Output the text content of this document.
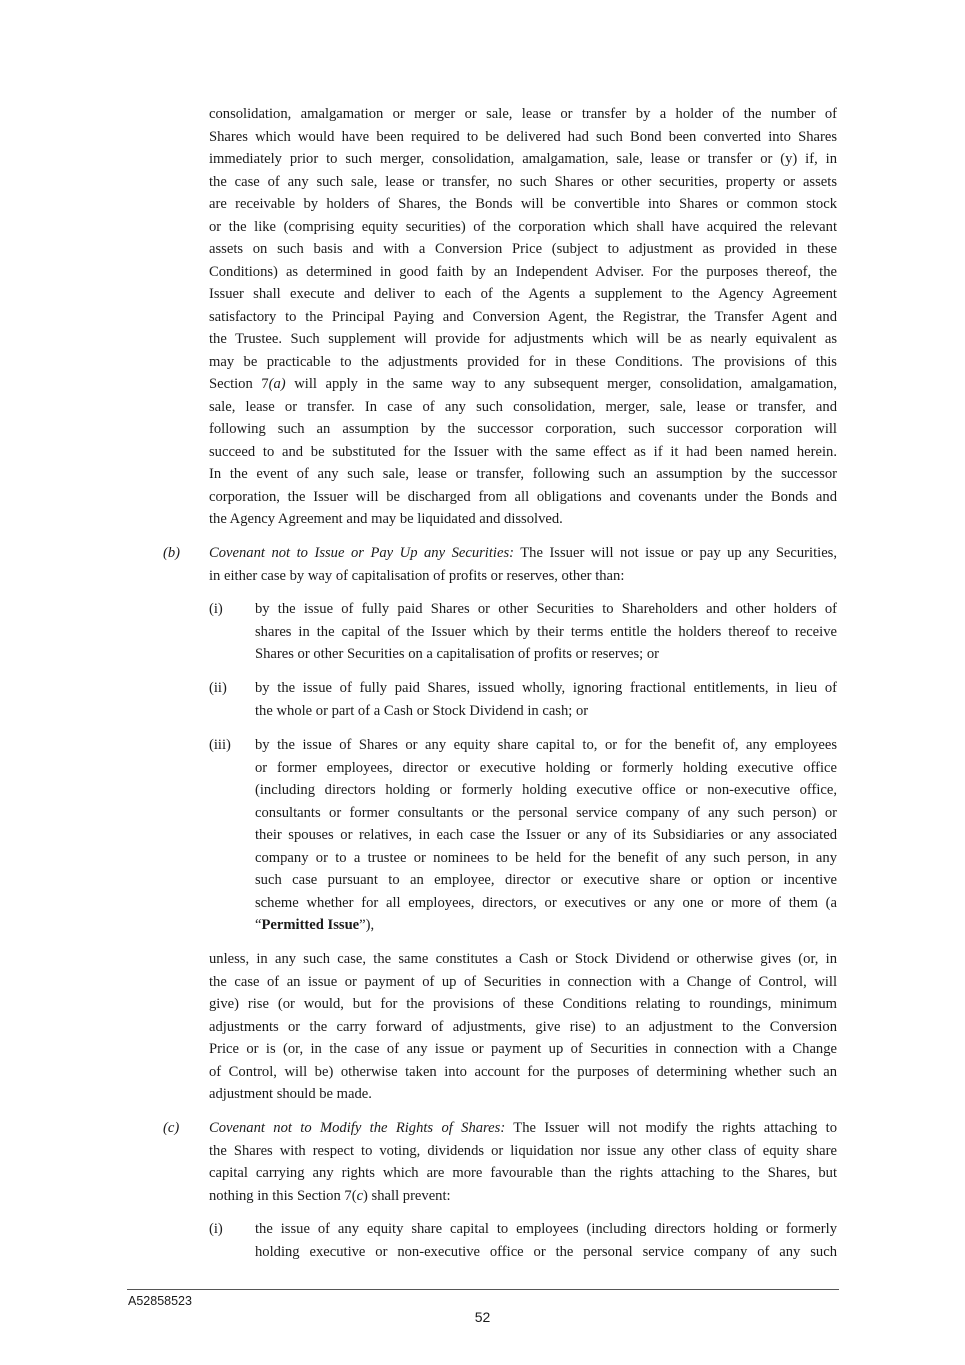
consolidation, amalgamation or merger or sale, lease or transfer by a holder of the number of
Shares which would have been required to be delivered had such Bond been converted into Shares
immediately prior to such merger, consolidation, amalgamation, sale, lease or transfer or (y) if, in
the case of any such sale, lease or transfer, no such Shares or other securities, property or assets
are receivable by holders of Shares, the Bonds will be convertible into Shares or common stock
or the like (comprising equity securities) of the corporation which shall have acquired the relevant
assets on such basis and with a Conversion Price (subject to adjustment as provided in these
Conditions) as determined in good faith by an Independent Adviser. For the purposes thereof, the
Issuer shall execute and deliver to each of the Agents a supplement to the Agency Agreement
satisfactory to the Principal Paying and Conversion Agent, the Registrar, the Transfer Agent and
the Trustee. Such supplement will provide for adjustments which will be as nearly equivalent as
may be practicable to the adjustments provided for in these Conditions. The provisions of this
Section 7(a) will apply in the same way to any subsequent merger, consolidation, amalgamation,
sale, lease or transfer. In case of any such consolidation, merger, sale, lease or transfer, and
following such an assumption by the successor corporation, such successor corporation will
succeed to and be substituted for the Issuer with the same effect as if it had been named herein.
In the event of any such sale, lease or transfer, following such an assumption by the successor
corporation, the Issuer will be discharged from all obligations and covenants under the Bonds and
the Agency Agreement and may be liquidated and dissolved.
(b) Covenant not to Issue or Pay Up any Securities: The Issuer will not issue or pay up any Securities,
in either case by way of capitalisation of profits or reserves, other than:
(i) by the issue of fully paid Shares or other Securities to Shareholders and other holders of
shares in the capital of the Issuer which by their terms entitle the holders thereof to receive
Shares or other Securities on a capitalisation of profits or reserves; or
(ii) by the issue of fully paid Shares, issued wholly, ignoring fractional entitlements, in lieu of
the whole or part of a Cash or Stock Dividend in cash; or
(iii) by the issue of Shares or any equity share capital to, or for the benefit of, any employees
or former employees, director or executive holding or formerly holding executive office
(including directors holding or formerly holding executive office or non-executive office,
consultants or former consultants or the personal service company of any such person) or
their spouses or relatives, in each case the Issuer or any of its Subsidiaries or any associated
company or to a trustee or nominees to be held for the benefit of any such person, in any
such case pursuant to an employee, director or executive share or option or incentive
scheme whether for all employees, directors, or executives or any one or more of them (a
“Permitted Issue”),
unless, in any such case, the same constitutes a Cash or Stock Dividend or otherwise gives (or, in
the case of an issue or payment of up of Securities in connection with a Change of Control, will
give) rise (or would, but for the provisions of these Conditions relating to roundings, minimum
adjustments or the carry forward of adjustments, give rise) to an adjustment to the Conversion
Price or is (or, in the case of any issue or payment up of Securities in connection with a Change
of Control, will be) otherwise taken into account for the purposes of determining whether such an
adjustment should be made.
(c) Covenant not to Modify the Rights of Shares: The Issuer will not modify the rights attaching to
the Shares with respect to voting, dividends or liquidation nor issue any other class of equity share
capital carrying any rights which are more favourable than the rights attaching to the Shares, but
nothing in this Section 7(c) shall prevent:
(i) the issue of any equity share capital to employees (including directors holding or formerly
holding executive or non-executive office or the personal service company of any such
A52858523
52
